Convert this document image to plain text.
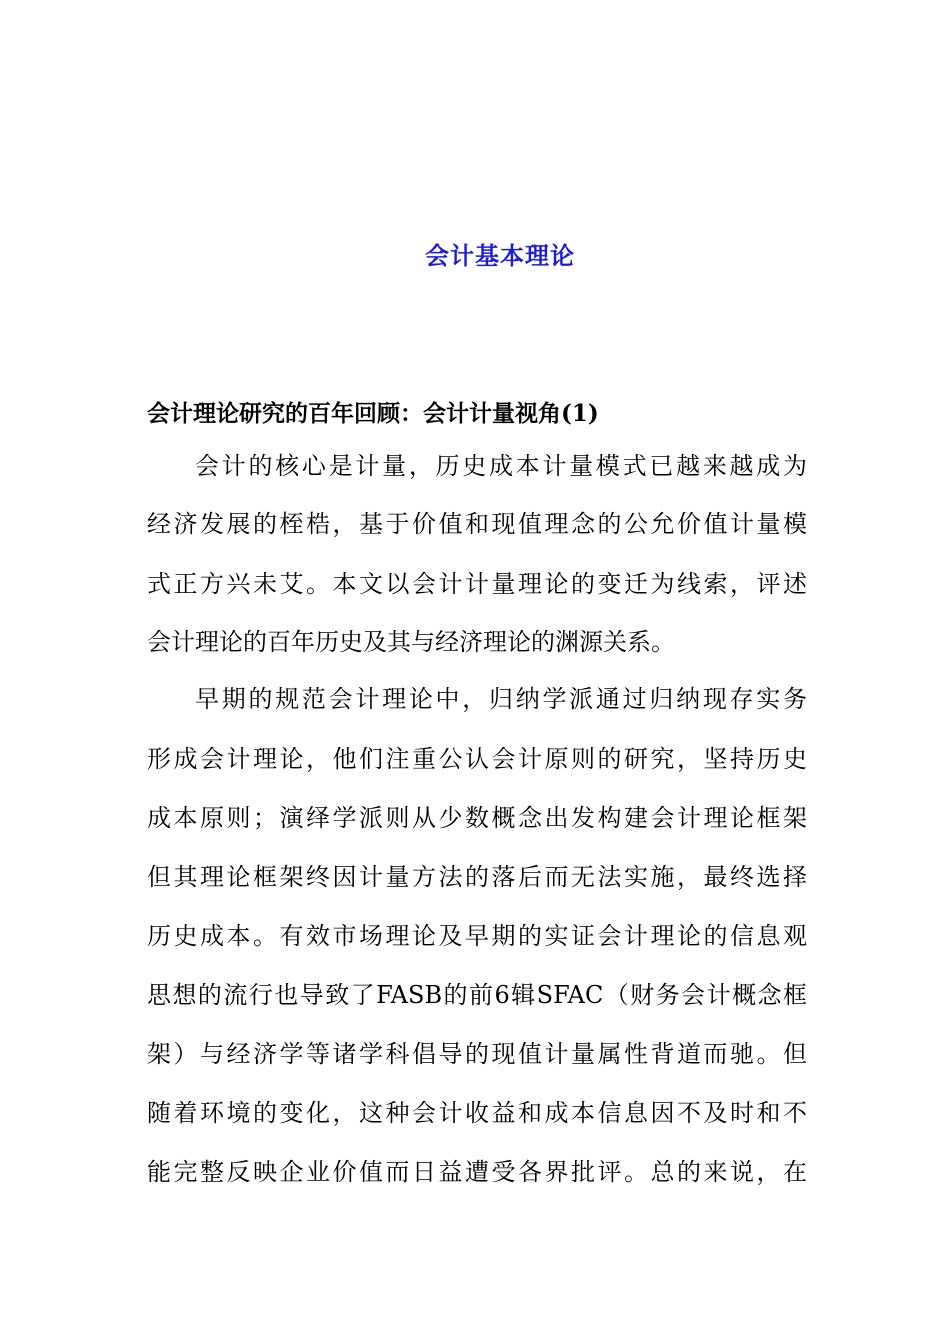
会计基本理论
会计理论研究的百年回顾：会计计量视角(1)
会计的核心是计量，历史成本计量模式已越来越成为
经济发展的桎梏，基于价值和现值理念的公允价值计量模
式正方兴未艾。本文以会计计量理论的变迁为线索，评述
会计理论的百年历史及其与经济理论的渊源关系。
早期的规范会计理论中，归纳学派通过归纳现存实务
形成会计理论，他们注重公认会计原则的研究，坚持历史
成本原则；演绎学派则从少数概念出发构建会计理论框架
但其理论框架终因计量方法的落后而无法实施，最终选择
历史成本。有效市场理论及早期的实证会计理论的信息观
思想的流行也导致了FASB的前6辑SFAC（财务会计概念框
架）与经济学等诸学科倡导的现值计量属性背道而驰。但
随着环境的变化，这种会计收益和成本信息因不及时和不
能完整反映企业价值而日益遭受各界批评。总的来说，在
